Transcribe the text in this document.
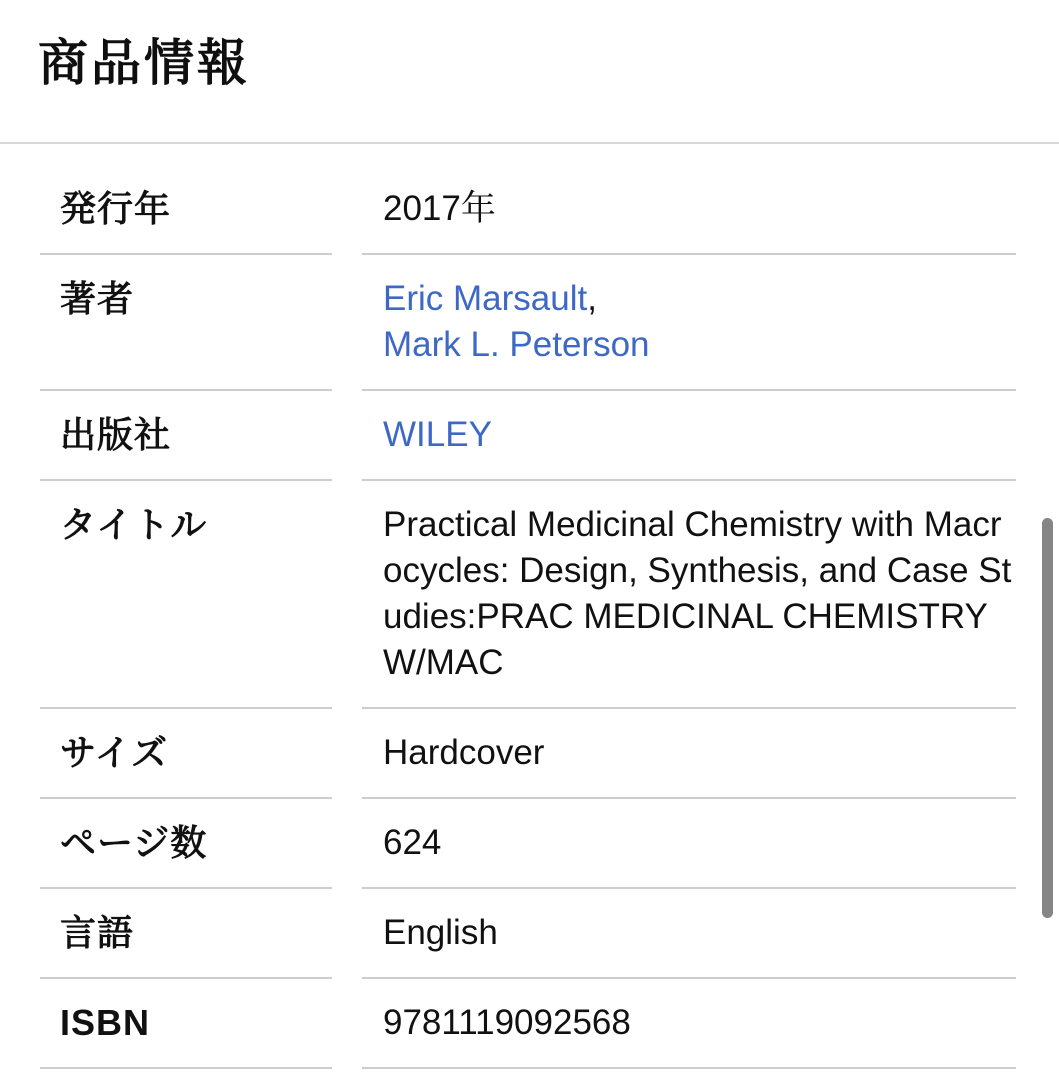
商品情報
発行年	2017年
著者	Eric Marsault,
Mark L. Peterson
出版社	WILEY
タイトル	Practical Medicinal Chemistry with Macrocycles: Design, Synthesis, and Case Studies:PRAC MEDICINAL CHEMISTRY W/MAC
サイズ	Hardcover
ページ数	624
言語	English
ISBN	9781119092568
